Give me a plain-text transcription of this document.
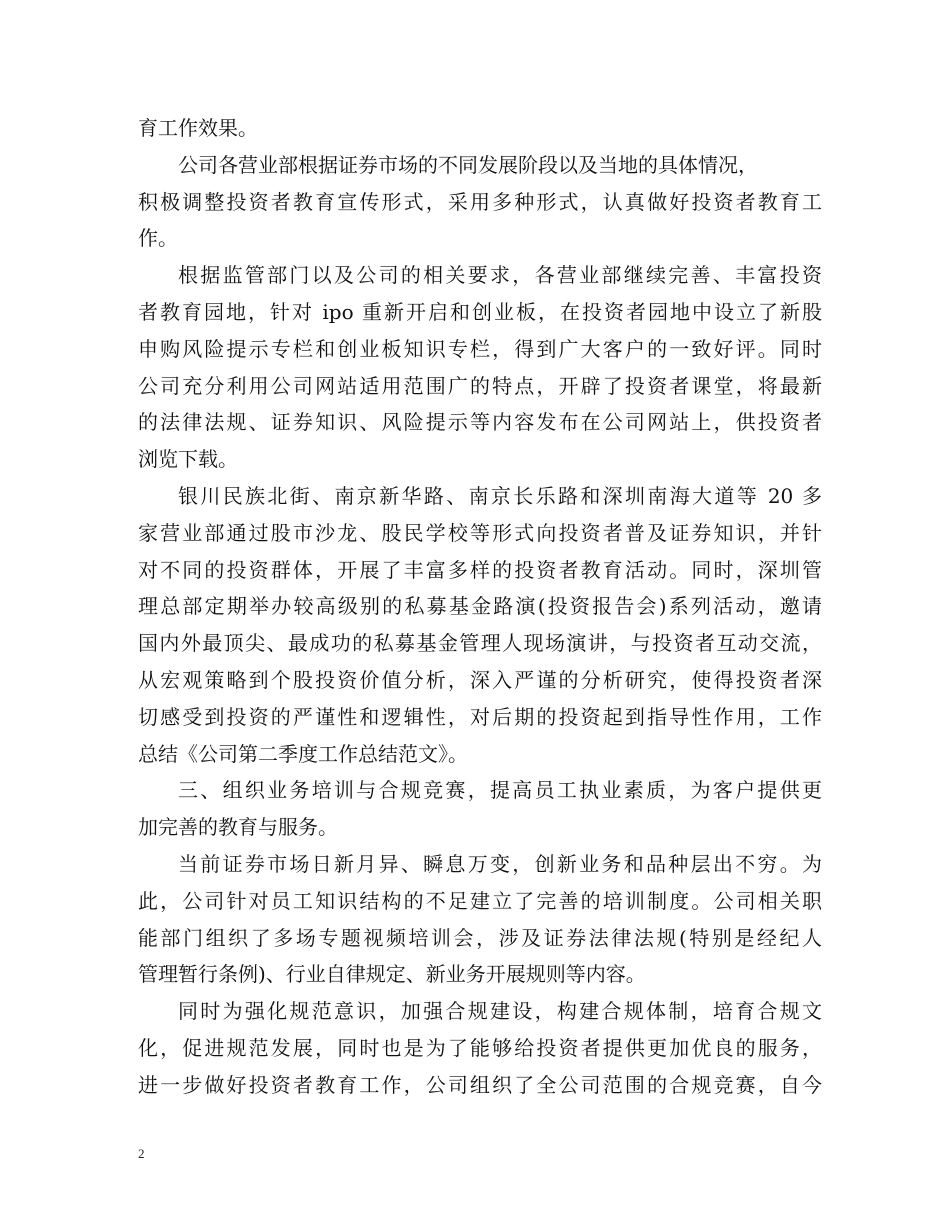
育工作效果。
公司各营业部根据证券市场的不同发展阶段以及当地的具体情况，
积极调整投资者教育宣传形式，采用多种形式，认真做好投资者教育工
作。
根据监管部门以及公司的相关要求，各营业部继续完善、丰富投资
者教育园地，针对 ipo 重新开启和创业板，在投资者园地中设立了新股
申购风险提示专栏和创业板知识专栏，得到广大客户的一致好评。同时
公司充分利用公司网站适用范围广的特点，开辟了投资者课堂，将最新
的法律法规、证券知识、风险提示等内容发布在公司网站上，供投资者
浏览下载。
银川民族北街、南京新华路、南京长乐路和深圳南海大道等 20 多
家营业部通过股市沙龙、股民学校等形式向投资者普及证券知识，并针
对不同的投资群体，开展了丰富多样的投资者教育活动。同时，深圳管
理总部定期举办较高级别的私募基金路演(投资报告会)系列活动，邀请
国内外最顶尖、最成功的私募基金管理人现场演讲，与投资者互动交流，
从宏观策略到个股投资价值分析，深入严谨的分析研究，使得投资者深
切感受到投资的严谨性和逻辑性，对后期的投资起到指导性作用，工作
总结《公司第二季度工作总结范文》。
三、组织业务培训与合规竞赛，提高员工执业素质，为客户提供更
加完善的教育与服务。
当前证券市场日新月异、瞬息万变，创新业务和品种层出不穷。为
此，公司针对员工知识结构的不足建立了完善的培训制度。公司相关职
能部门组织了多场专题视频培训会，涉及证券法律法规(特别是经纪人
管理暂行条例)、行业自律规定、新业务开展规则等内容。
同时为强化规范意识，加强合规建设，构建合规体制，培育合规文
化，促进规范发展，同时也是为了能够给投资者提供更加优良的服务，
进一步做好投资者教育工作，公司组织了全公司范围的合规竞赛，自今
2
